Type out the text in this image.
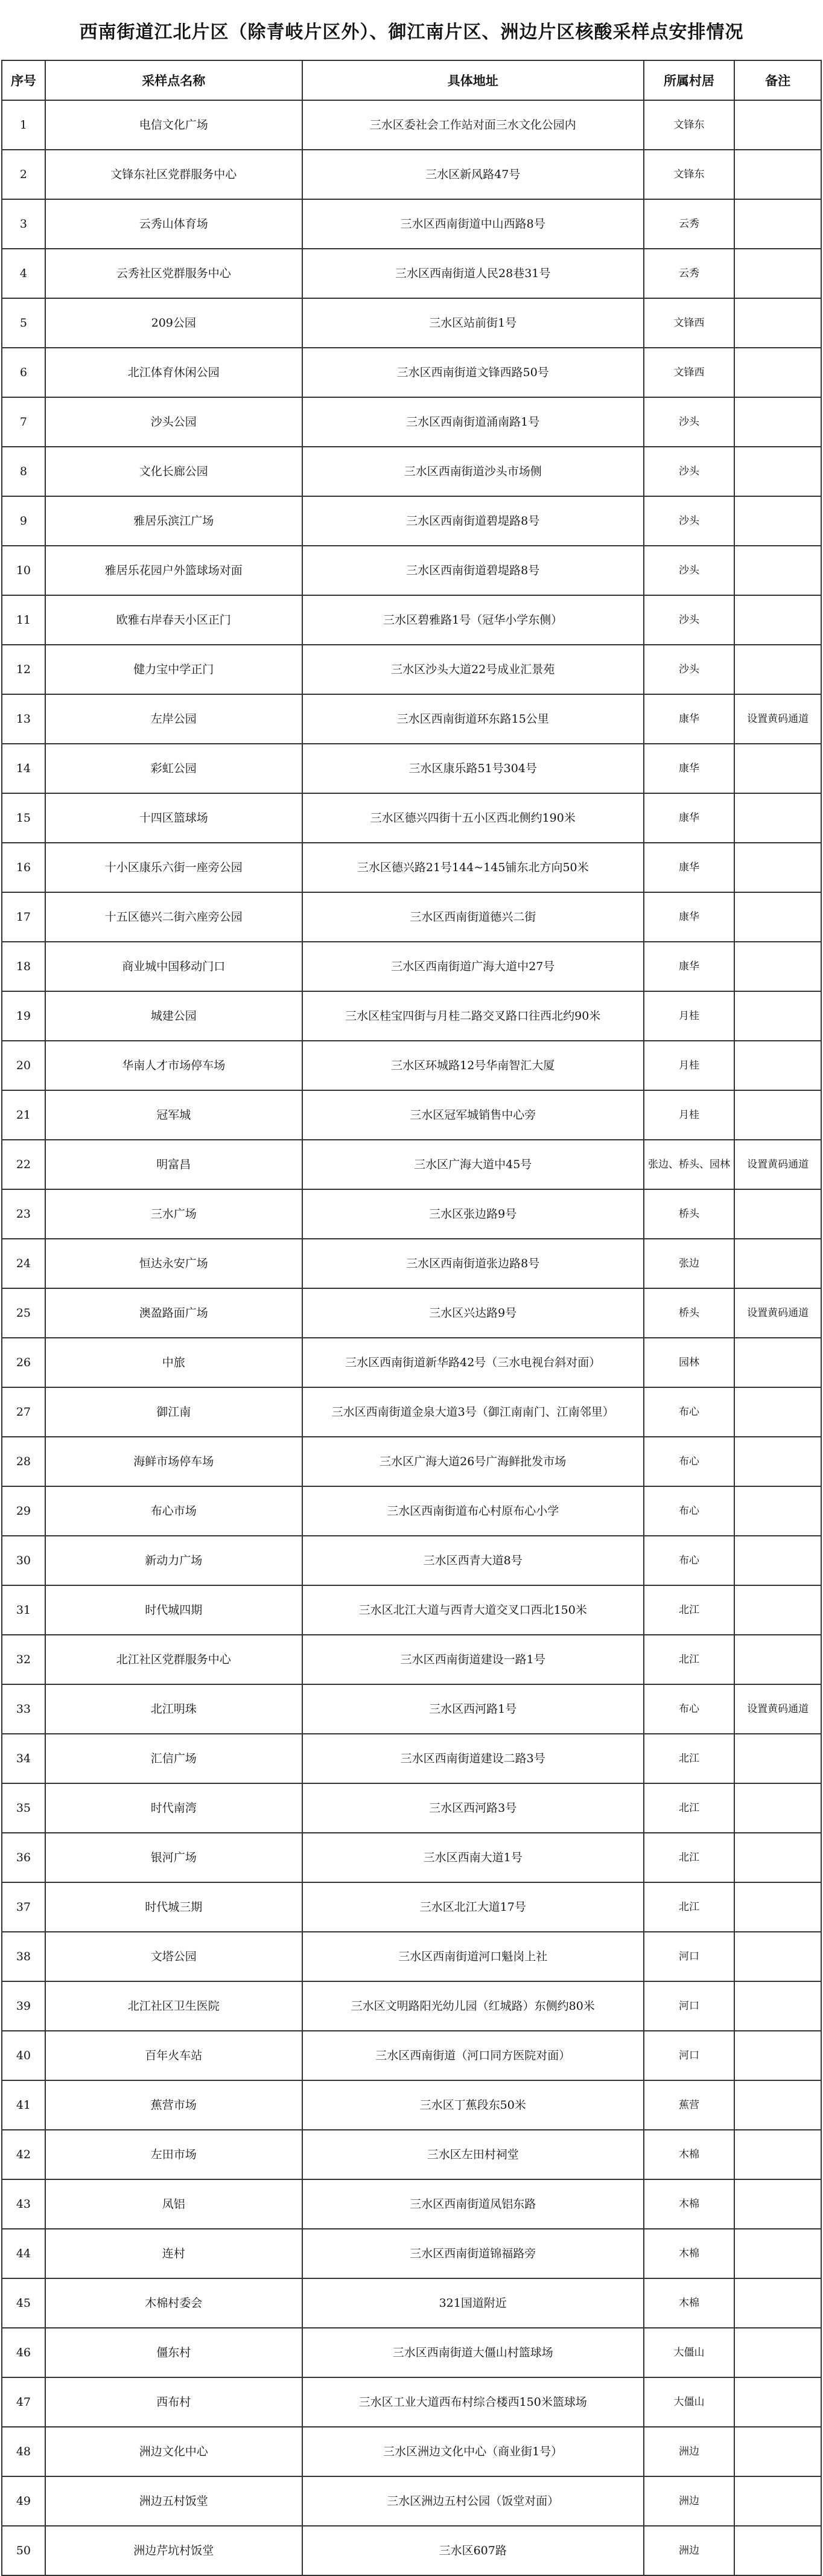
西南街道江北片区（除青岐片区外）、御江南片区、洲边片区核酸采样点安排情况
序号	采样点名称	具体地址	所属村居	备注
1	电信文化广场	三水区委社会工作站对面三水文化公园内	文锋东	
2	文锋东社区党群服务中心	三水区新风路47号	文锋东	
3	云秀山体育场	三水区西南街道中山西路8号	云秀	
4	云秀社区党群服务中心	三水区西南街道人民28巷31号	云秀	
5	209公园	三水区站前街1号	文锋西	
6	北江体育休闲公园	三水区西南街道文锋西路50号	文锋西	
7	沙头公园	三水区西南街道涌南路1号	沙头	
8	文化长廊公园	三水区西南街道沙头市场侧	沙头	
9	雅居乐滨江广场	三水区西南街道碧堤路8号	沙头	
10	雅居乐花园户外篮球场对面	三水区西南街道碧堤路8号	沙头	
11	欧雅右岸春天小区正门	三水区碧雅路1号（冠华小学东侧）	沙头	
12	健力宝中学正门	三水区沙头大道22号成业汇景苑	沙头	
13	左岸公园	三水区西南街道环东路15公里	康华	设置黄码通道
14	彩虹公园	三水区康乐路51号304号	康华	
15	十四区篮球场	三水区德兴四街十五小区西北侧约190米	康华	
16	十小区康乐六街一座旁公园	三水区德兴路21号144~145铺东北方向50米	康华	
17	十五区德兴二街六座旁公园	三水区西南街道德兴二街	康华	
18	商业城中国移动门口	三水区西南街道广海大道中27号	康华	
19	城建公园	三水区桂宝四街与月桂二路交叉路口往西北约90米	月桂	
20	华南人才市场停车场	三水区环城路12号华南智汇大厦	月桂	
21	冠军城	三水区冠军城销售中心旁	月桂	
22	明富昌	三水区广海大道中45号	张边、桥头、园林	设置黄码通道
23	三水广场	三水区张边路9号	桥头	
24	恒达永安广场	三水区西南街道张边路8号	张边	
25	澳盈路面广场	三水区兴达路9号	桥头	设置黄码通道
26	中旅	三水区西南街道新华路42号（三水电视台斜对面）	园林	
27	御江南	三水区西南街道金泉大道3号（御江南南门、江南邻里）	布心	
28	海鲜市场停车场	三水区广海大道26号广海鲜批发市场	布心	
29	布心市场	三水区西南街道布心村原布心小学	布心	
30	新动力广场	三水区西青大道8号	布心	
31	时代城四期	三水区北江大道与西青大道交叉口西北150米	北江	
32	北江社区党群服务中心	三水区西南街道建设一路1号	北江	
33	北江明珠	三水区西河路1号	布心	设置黄码通道
34	汇信广场	三水区西南街道建设二路3号	北江	
35	时代南湾	三水区西河路3号	北江	
36	银河广场	三水区西南大道1号	北江	
37	时代城三期	三水区北江大道17号	北江	
38	文塔公园	三水区西南街道河口魁岗上社	河口	
39	北江社区卫生医院	三水区文明路阳光幼儿园（红城路）东侧约80米	河口	
40	百年火车站	三水区西南街道（河口同方医院对面）	河口	
41	蕉营市场	三水区丁蕉段东50米	蕉营	
42	左田市场	三水区左田村祠堂	木棉	
43	凤铝	三水区西南街道凤铝东路	木棉	
44	连村	三水区西南街道锦福路旁	木棉	
45	木棉村委会	321国道附近	木棉	
46	僵东村	三水区西南街道大僵山村篮球场	大僵山	
47	西布村	三水区工业大道西布村综合楼西150米篮球场	大僵山	
48	洲边文化中心	三水区洲边文化中心（商业街1号）	洲边	
49	洲边五村饭堂	三水区洲边五村公园（饭堂对面）	洲边	
50	洲边芹坑村饭堂	三水区607路	洲边	
